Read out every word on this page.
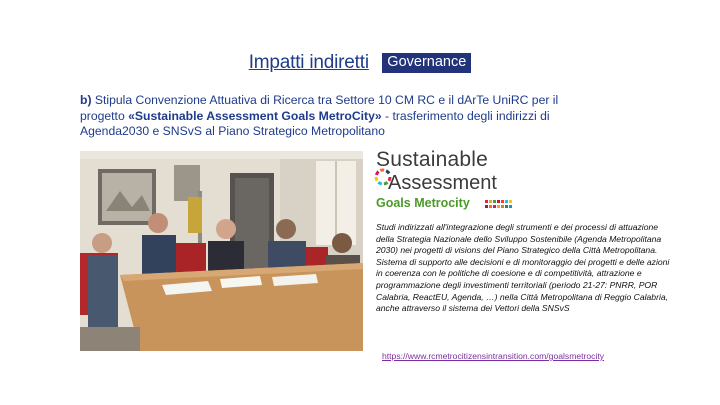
Impatti indiretti Governance
b) Stipula Convenzione Attuativa di Ricerca tra Settore 10 CM RC e il dArTe UniRC per il progetto «Sustainable Assessment Goals MetroCity» - trasferimento degli indirizzi di Agenda2030 e SNSvS al Piano Strategico Metropolitano
Sustainable
Assessment
Goals Metrocity
Studi indirizzati all'integrazione degli strumenti e dei processi di attuazione della Strategia Nazionale dello Sviluppo Sostenibile (Agenda Metropolitana 2030) nei progetti di visions del Piano Strategico della Città Metropolitana.
Sistema di supporto alle decisioni e di monitoraggio dei progetti e delle azioni in coerenza con le politiche di coesione e di competitività, attrazione e programmazione degli investimenti territoriali (periodo 21-27: PNRR, POR Calabria, ReactEU, Agenda, …) nella Città Metropolitana di Reggio Calabria, anche attraverso il sistema dei Vettori della SNSvS
https://www.rcmetrocitizensintransition.com/goalsmetrocity
